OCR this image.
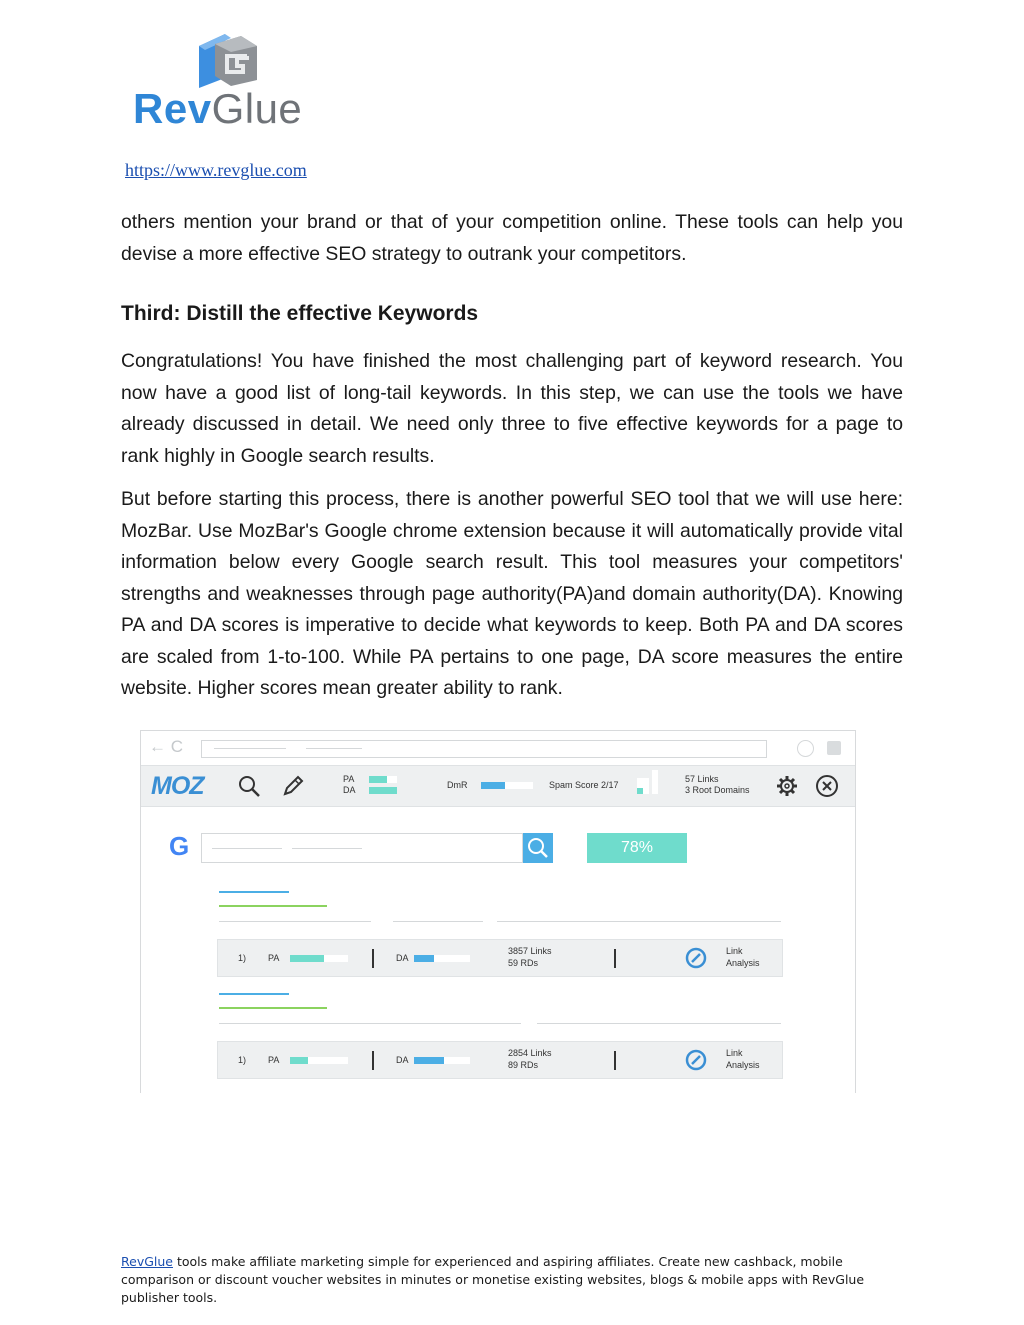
RevGlue
https://www.revglue.com

others mention your brand or that of your competition online. These tools can help you devise a more effective SEO strategy to outrank your competitors.

Third: Distill the effective Keywords

Congratulations! You have finished the most challenging part of keyword research. You now have a good list of long-tail keywords. In this step, we can use the tools we have already discussed in detail. We need only three to five effective keywords for a page to rank highly in Google search results.

But before starting this process, there is another powerful SEO tool that we will use here: MozBar. Use MozBar's Google chrome extension because it will automatically provide vital information below every Google search result. This tool measures your competitors' strengths and weaknesses through page authority(PA)and domain authority(DA). Knowing PA and DA scores is imperative to decide what keywords to keep. Both PA and DA scores are scaled from 1-to-100. While PA pertains to one page, DA score measures the entire website. Higher scores mean greater ability to rank.

← C
MOZ	PA
DA	DmR	Spam Score 2/17
57 Links
3 Root Domains
G	78%
1) PA	DA
3857 Links
59 RDs
Link
Analysis
1) PA	DA
2854 Links
89 RDs
Link
Analysis
RevGlue tools make affiliate marketing simple for experienced and aspiring affiliates. Create new cashback, mobile comparison or discount voucher websites in minutes or monetise existing websites, blogs & mobile apps with RevGlue publisher tools.
